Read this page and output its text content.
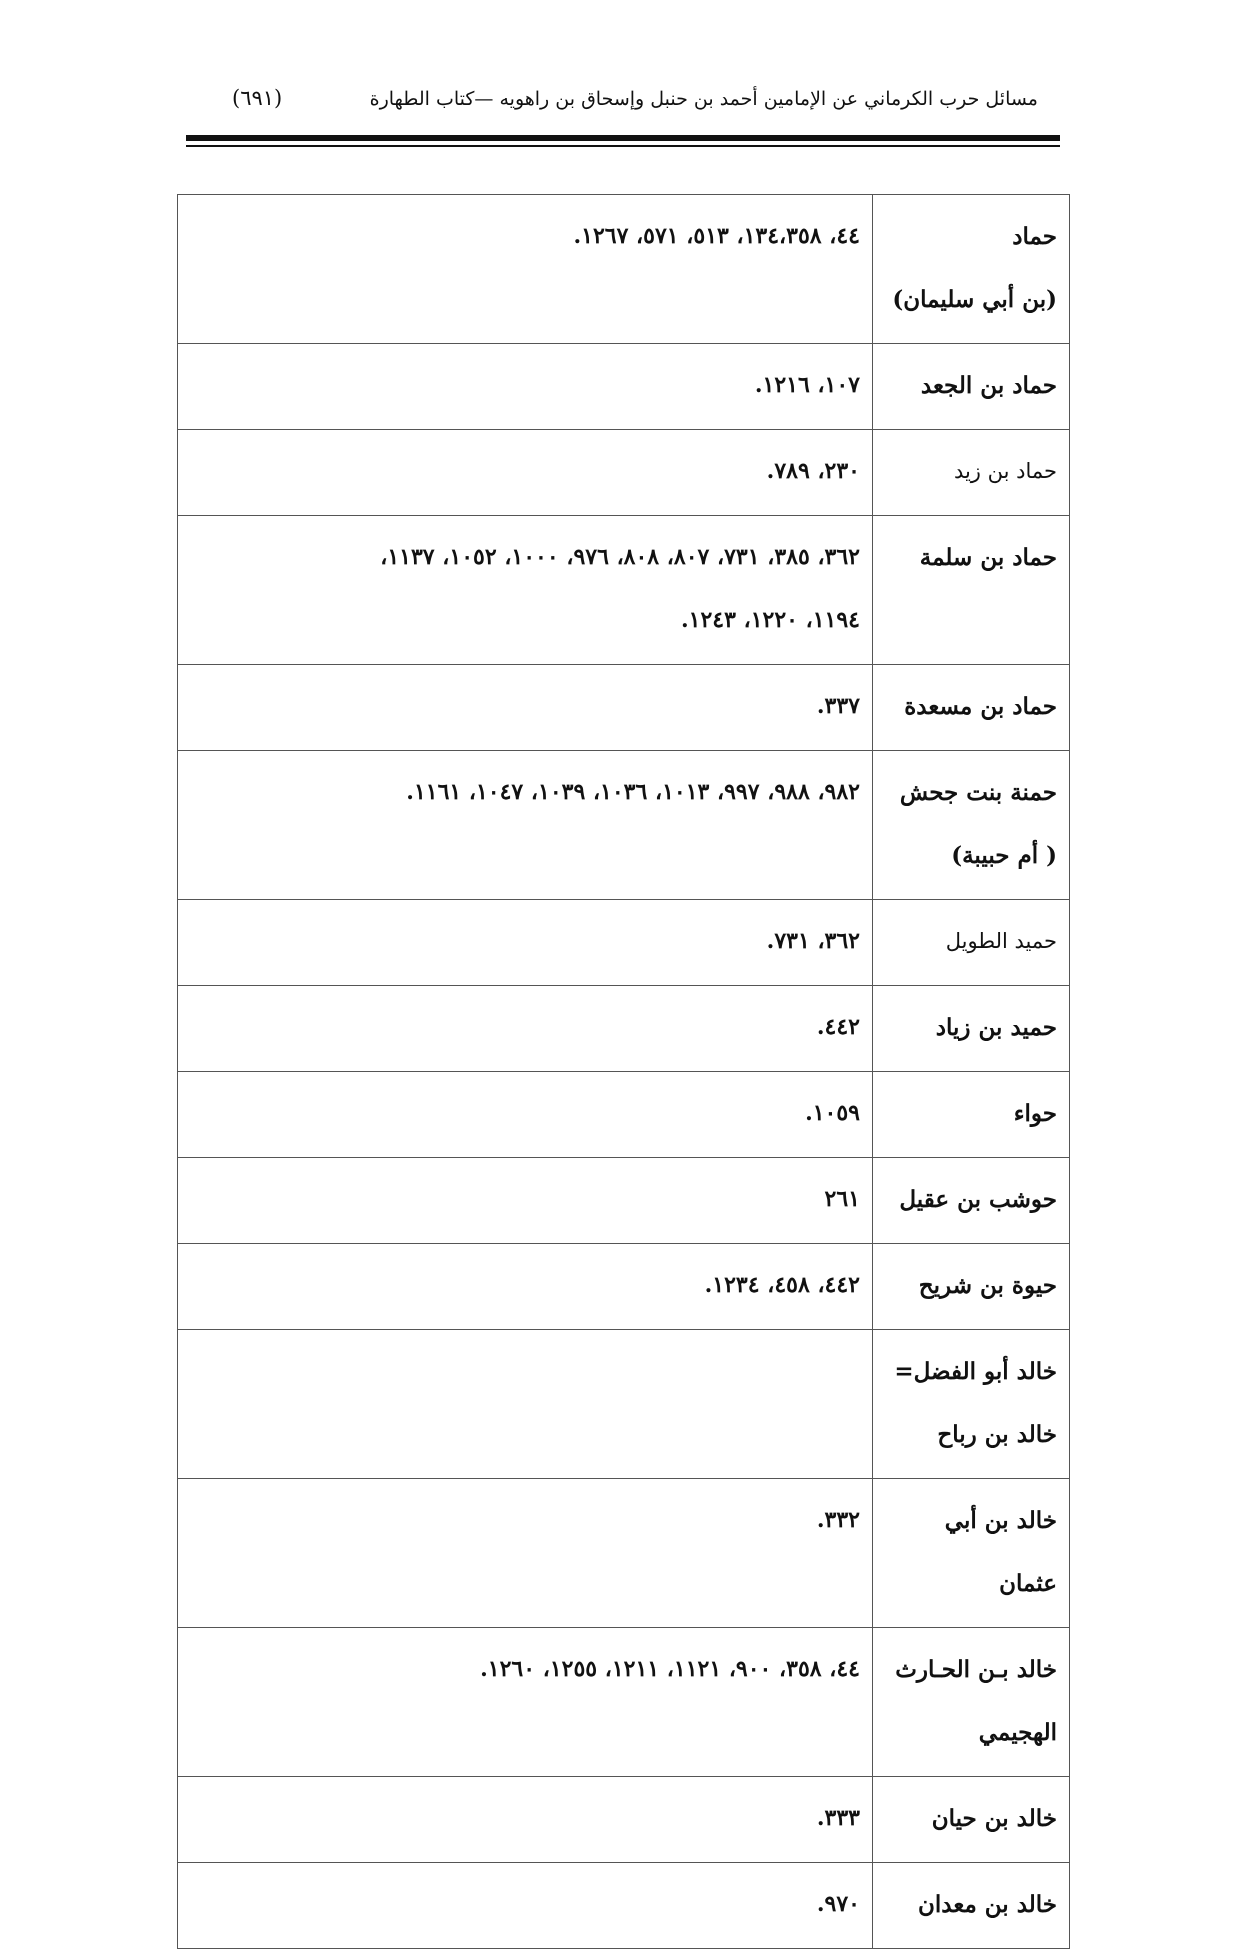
مسائل حرب الكرماني عن الإمامين أحمد بن حنبل وإسحاق بن راهويه —كتاب الطهارة
(٦٩١)
حماد
(بن أبي سليمان)	٤٤، ١٣٤،٣٥٨، ٥١٣، ٥٧١، ١٢٦٧.

حماد بن الجعد	١٠٧، ١٢١٦.

حماد بن زيد	٢٣٠، ٧٨٩.

حماد بن سلمة	٣٦٢، ٣٨٥، ٧٣١، ٨٠٧، ٨٠٨، ٩٧٦، ١٠٠٠، ١٠٥٢، ١١٣٧،
١١٩٤، ١٢٢٠، ١٢٤٣.

حماد بن مسعدة	٣٣٧.

حمنة بنت جحش
( أم حبيبة)	٩٨٢، ٩٨٨، ٩٩٧، ١٠١٣، ١٠٣٦، ١٠٣٩، ١٠٤٧، ١١٦١.

حميد الطويل	٣٦٢، ٧٣١.

حميد بن زياد	٤٤٢.

حواء	١٠٥٩.

حوشب بن عقيل	٢٦١

حيوة بن شريح	٤٤٢، ٤٥٨، ١٢٣٤.

خالد أبو الفضل=
خالد بن رباح	

خالد بن أبي عثمان	٣٣٢.

خالد بـن الحـارث
الهجيمي	٤٤، ٣٥٨، ٩٠٠، ١١٢١، ١٢١١، ١٢٥٥، ١٢٦٠.

خالد بن حيان	٣٣٣.

خالد بن معدان	٩٧٠.
